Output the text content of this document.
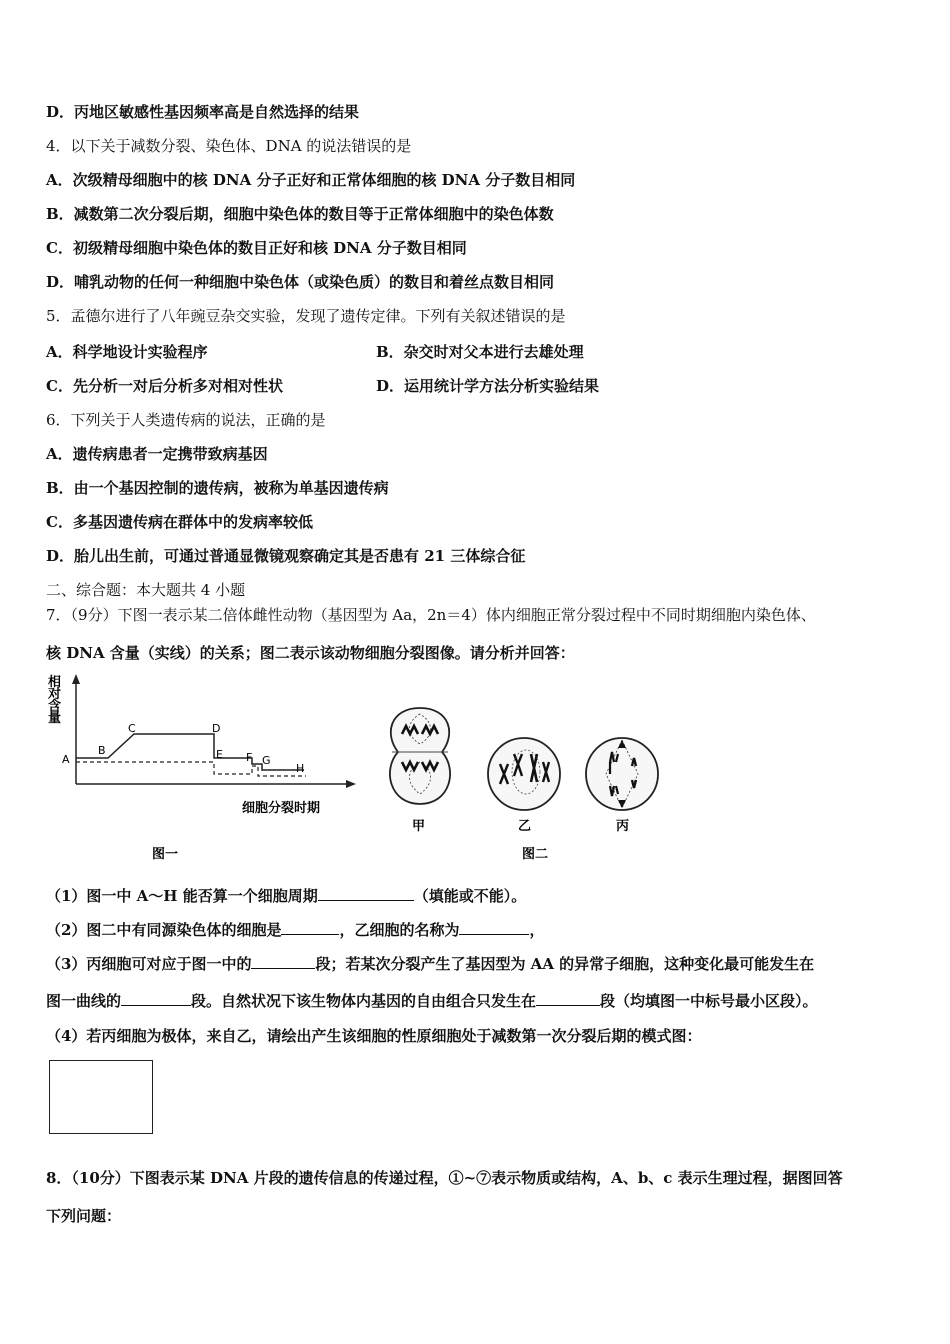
D．丙地区敏感性基因频率高是自然选择的结果
4．以下关于减数分裂、染色体、DNA 的说法错误的是
A．次级精母细胞中的核 DNA 分子正好和正常体细胞的核 DNA 分子数目相同
B．减数第二次分裂后期，细胞中染色体的数目等于正常体细胞中的染色体数
C．初级精母细胞中染色体的数目正好和核 DNA 分子数目相同
D．哺乳动物的任何一种细胞中染色体（或染色质）的数目和着丝点数目相同
5．孟德尔进行了八年豌豆杂交实验，发现了遗传定律。下列有关叙述错误的是
A．科学地设计实验程序	B．杂交时对父本进行去雄处理
C．先分析一对后分析多对相对性状	D．运用统计学方法分析实验结果
6．下列关于人类遗传病的说法，正确的是
A．遗传病患者一定携带致病基因
B．由一个基因控制的遗传病，被称为单基因遗传病
C．多基因遗传病在群体中的发病率较低
D．胎儿出生前，可通过普通显微镜观察确定其是否患有 21 三体综合征
二、综合题：本大题共 4 小题
7．（9分）下图一表示某二倍体雌性动物（基因型为 Aa，2n＝4）体内细胞正常分裂过程中不同时期细胞内染色体、
核 DNA 含量（实线）的关系；图二表示该动物细胞分裂图像。请分析并回答：
相
对
含
量
A
B
C	D
E F G
H
细胞分裂时期
图一
甲	乙	丙
图二
（1）图一中 A～H 能否算一个细胞周期	（填能或不能）。
（2）图二中有同源染色体的细胞是	，乙细胞的名称为	，
（3）丙细胞可对应于图一中的	段；若某次分裂产生了基因型为 AA 的异常子细胞，这种变化最可能发生在
图一曲线的	段。自然状况下该生物体内基因的自由组合只发生在	段（均填图一中标号最小区段）。
（4）若丙细胞为极体，来自乙，请绘出产生该细胞的性原细胞处于减数第一次分裂后期的模式图：
8．（10分）下图表示某 DNA 片段的遗传信息的传递过程，①~⑦表示物质或结构，A、b、c 表示生理过程，据图回答
下列问题：
